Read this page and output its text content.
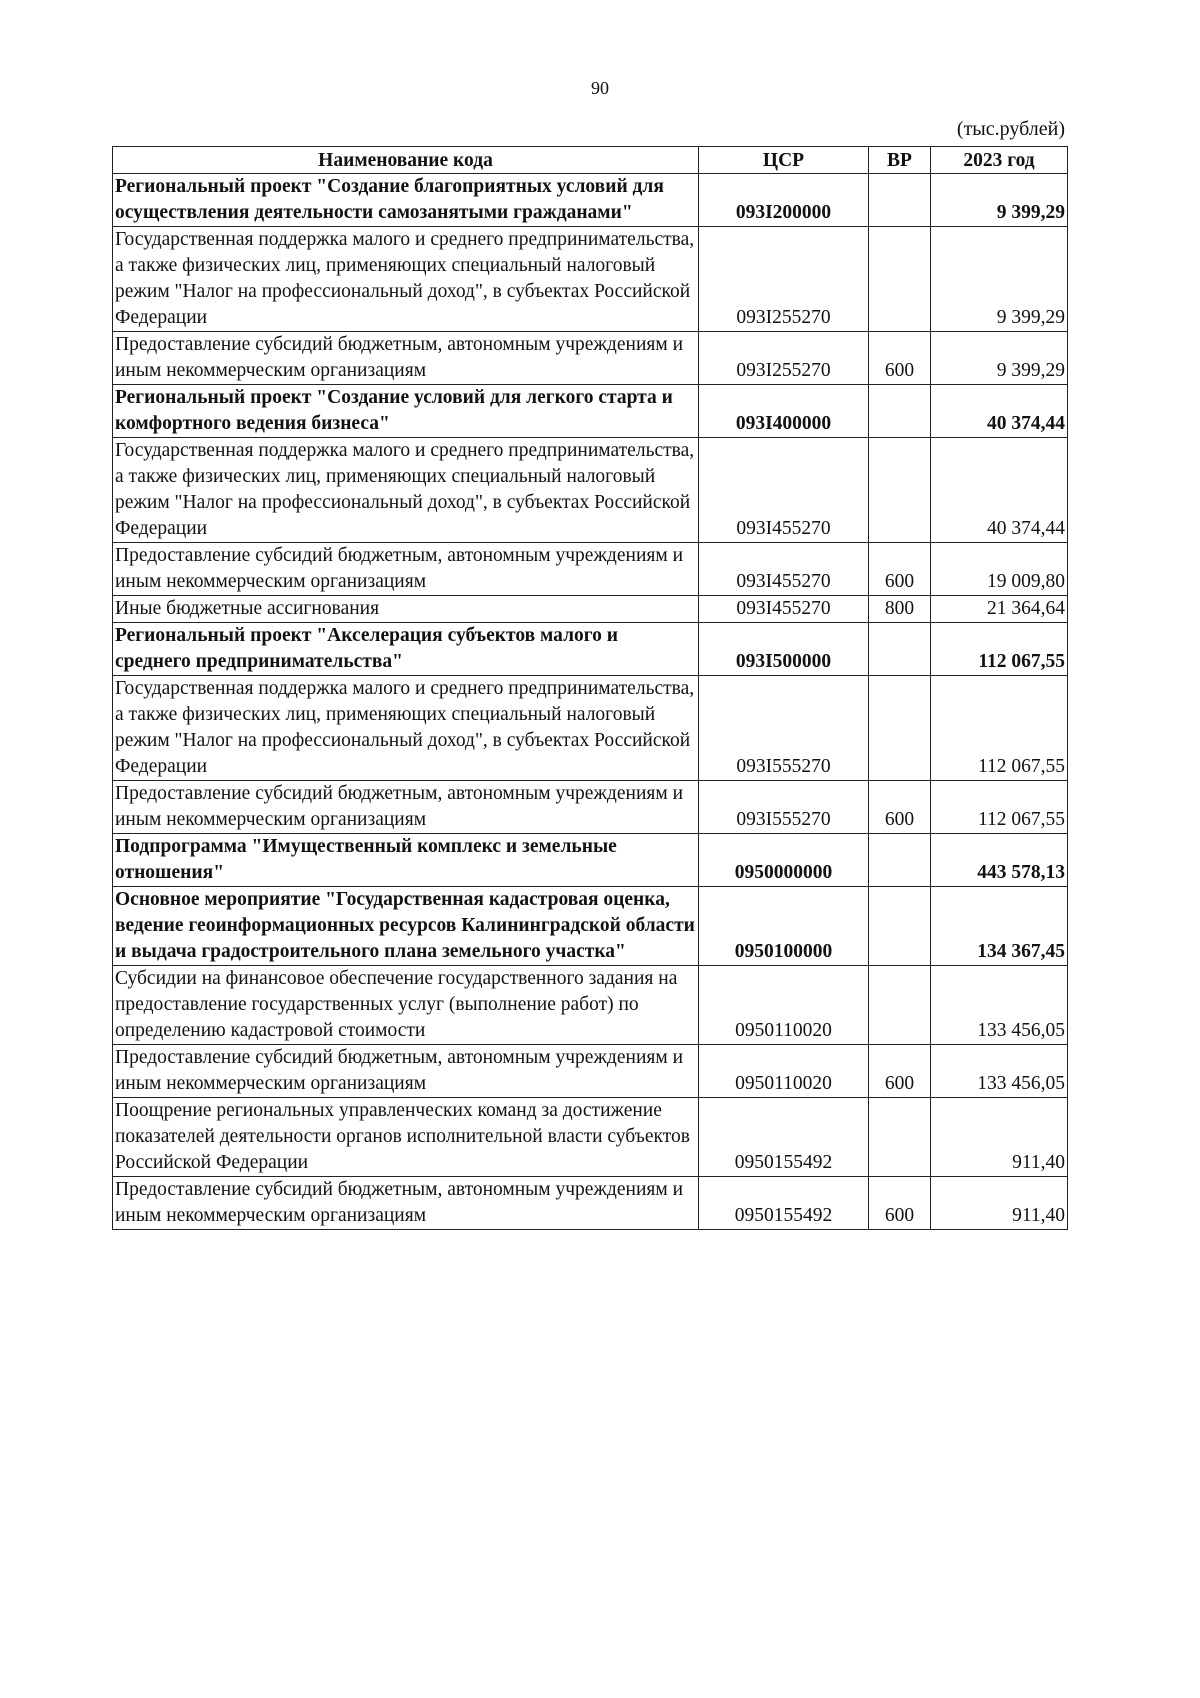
90
(тыс.рублей)
Наименование кода	ЦСР	ВР	2023 год
Региональный проект "Создание благоприятных условий для осуществления деятельности самозанятыми гражданами"	093I200000		9 399,29
Государственная поддержка малого и среднего предпринимательства, а также физических лиц, применяющих специальный налоговый режим "Налог на профессиональный доход", в субъектах Российской Федерации	093I255270		9 399,29
Предоставление субсидий бюджетным, автономным учреждениям и иным некоммерческим организациям	093I255270	600	9 399,29
Региональный проект "Создание условий для легкого старта и комфортного ведения бизнеса"	093I400000		40 374,44
Государственная поддержка малого и среднего предпринимательства, а также физических лиц, применяющих специальный налоговый режим "Налог на профессиональный доход", в субъектах Российской Федерации	093I455270		40 374,44
Предоставление субсидий бюджетным, автономным учреждениям и иным некоммерческим организациям	093I455270	600	19 009,80
Иные бюджетные ассигнования	093I455270	800	21 364,64
Региональный проект "Акселерация субъектов малого и среднего предпринимательства"	093I500000		112 067,55
Государственная поддержка малого и среднего предпринимательства, а также физических лиц, применяющих специальный налоговый режим "Налог на профессиональный доход", в субъектах Российской Федерации	093I555270		112 067,55
Предоставление субсидий бюджетным, автономным учреждениям и иным некоммерческим организациям	093I555270	600	112 067,55
Подпрограмма "Имущественный комплекс и земельные отношения"	0950000000		443 578,13
Основное мероприятие "Государственная кадастровая оценка, ведение геоинформационных ресурсов Калининградской области и выдача градостроительного плана земельного участка"	0950100000		134 367,45
Субсидии на финансовое обеспечение государственного задания на предоставление государственных услуг (выполнение работ) по определению кадастровой стоимости	0950110020		133 456,05
Предоставление субсидий бюджетным, автономным учреждениям и иным некоммерческим организациям	0950110020	600	133 456,05
Поощрение региональных управленческих команд за достижение показателей деятельности органов исполнительной власти субъектов Российской Федерации	0950155492		911,40
Предоставление субсидий бюджетным, автономным учреждениям и иным некоммерческим организациям	0950155492	600	911,40
